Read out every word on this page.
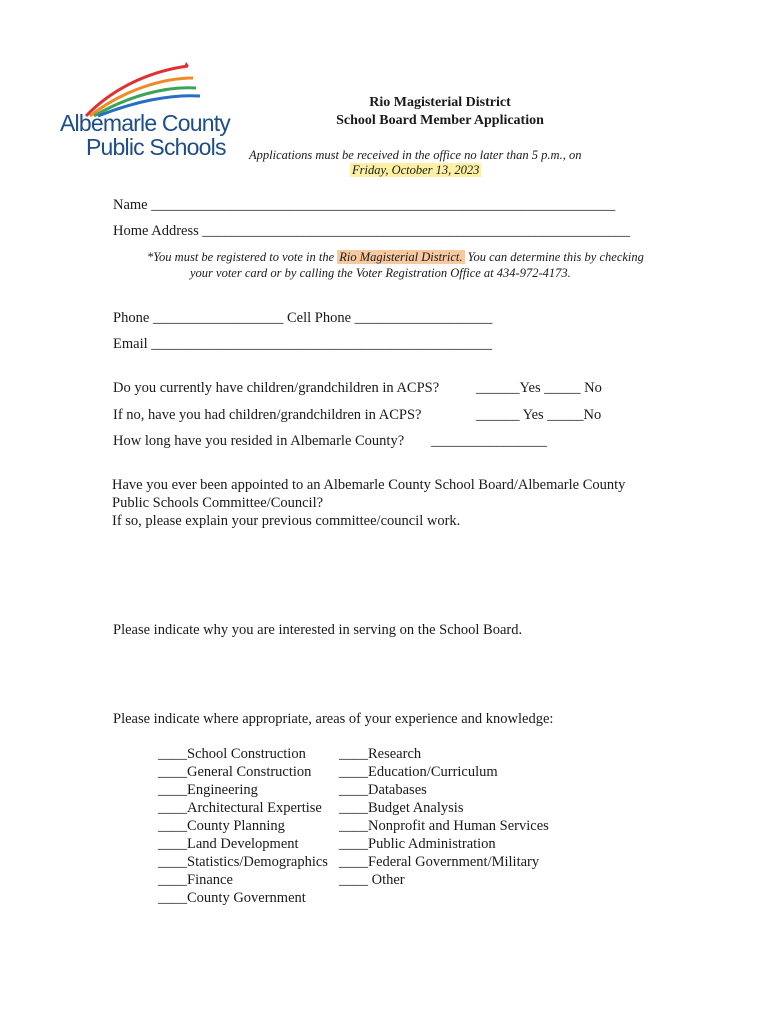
Albemarle County
Public Schools
Rio Magisterial District
School Board Member Application
Applications must be received in the office no later than 5 p.m., on
Friday, October 13, 2023
Name ________________________________________________________________
Home Address ___________________________________________________________
*You must be registered to vote in the Rio Magisterial District. You can determine this by checking
your voter card or by calling the Voter Registration Office at 434-972-4173.
Phone __________________ Cell Phone ___________________
Email _______________________________________________
Do you currently have children/grandchildren in ACPS?	______Yes _____ No
If no, have you had children/grandchildren in ACPS?	______ Yes _____No
How long have you resided in Albemarle County? ________________
Have you ever been appointed to an Albemarle County School Board/Albemarle County
Public Schools Committee/Council?
If so, please explain your previous committee/council work.
Please indicate why you are interested in serving on the School Board.
Please indicate where appropriate, areas of your experience and knowledge:
____School Construction
____General Construction
____Engineering
____Architectural Expertise
____County Planning
____Land Development
____Statistics/Demographics
____Finance
____County Government
____Research
____Education/Curriculum
____Databases
____Budget Analysis
____Nonprofit and Human Services
____Public Administration
____Federal Government/Military
____ Other
